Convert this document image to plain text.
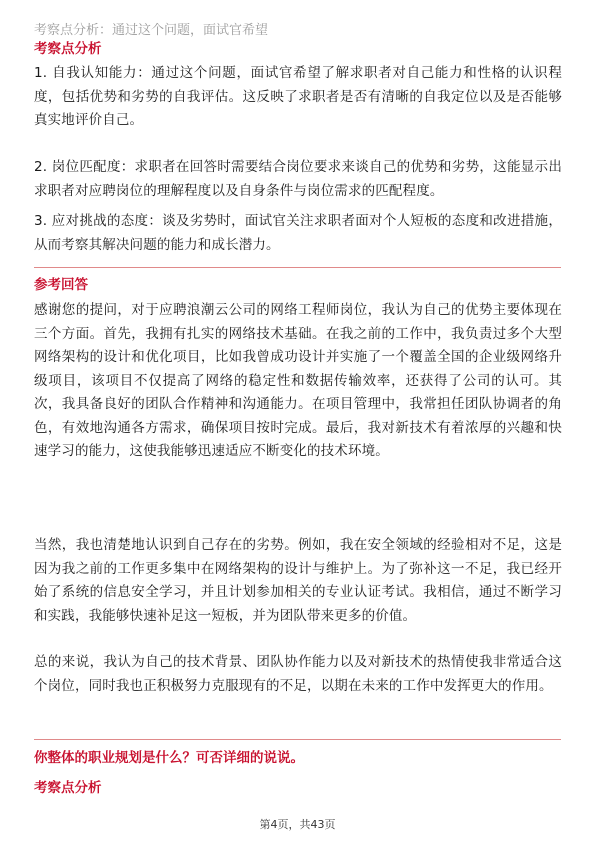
考察点分析：通过这个问题，面试官希望
考察点分析

1. 自我认知能力：通过这个问题，面试官希望了解求职者对自己能力和性格的认识程度，包括优势和劣势的自我评估。这反映了求职者是否有清晰的自我定位以及是否能够真实地评价自己。

2. 岗位匹配度：求职者在回答时需要结合岗位要求来谈自己的优势和劣势，这能显示出求职者对应聘岗位的理解程度以及自身条件与岗位需求的匹配程度。

3. 应对挑战的态度：谈及劣势时，面试官关注求职者面对个人短板的态度和改进措施，从而考察其解决问题的能力和成长潜力。

参考回答

感谢您的提问，对于应聘浪潮云公司的网络工程师岗位，我认为自己的优势主要体现在三个方面。首先，我拥有扎实的网络技术基础。在我之前的工作中，我负责过多个大型网络架构的设计和优化项目，比如我曾成功设计并实施了一个覆盖全国的企业级网络升级项目，该项目不仅提高了网络的稳定性和数据传输效率，还获得了公司的认可。其次，我具备良好的团队合作精神和沟通能力。在项目管理中，我常担任团队协调者的角色，有效地沟通各方需求，确保项目按时完成。最后，我对新技术有着浓厚的兴趣和快速学习的能力，这使我能够迅速适应不断变化的技术环境。

当然，我也清楚地认识到自己存在的劣势。例如，我在安全领域的经验相对不足，这是因为我之前的工作更多集中在网络架构的设计与维护上。为了弥补这一不足，我已经开始了系统的信息安全学习，并且计划参加相关的专业认证考试。我相信，通过不断学习和实践，我能够快速补足这一短板，并为团队带来更多的价值。

总的来说，我认为自己的技术背景、团队协作能力以及对新技术的热情使我非常适合这个岗位，同时我也正积极努力克服现有的不足，以期在未来的工作中发挥更大的作用。

你整体的职业规划是什么？可否详细的说说。
考察点分析
第4页，共43页
